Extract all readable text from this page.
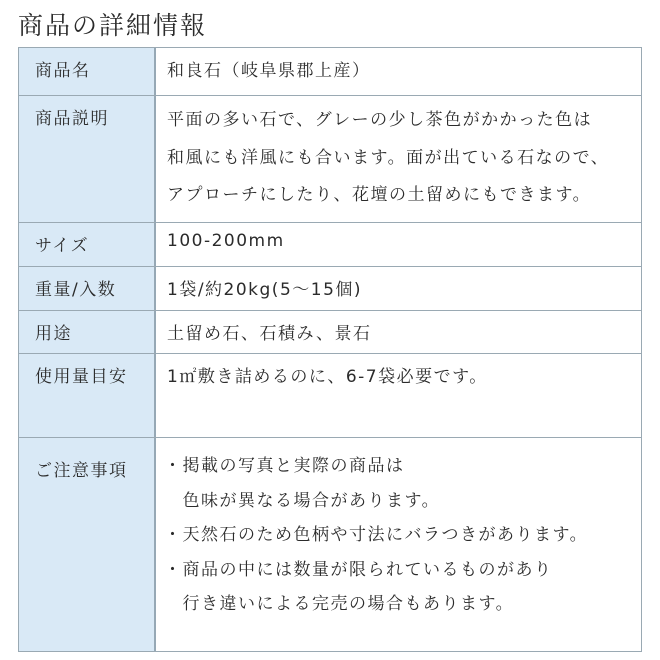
商品の詳細情報
商品名	和良石（岐阜県郡上産）
商品説明	平面の多い石で、グレーの少し茶色がかかった色は
和風にも洋風にも合います。面が出ている石なので、
アプローチにしたり、花壇の土留めにもできます。
サイズ	100-200mm
重量/入数	1袋/約20kg(5～15個)
用途	土留め石、石積み、景石
使用量目安	1㎡敷き詰めるのに、6-7袋必要です。
ご注意事項	・掲載の写真と実際の商品は
　色味が異なる場合があります。
・天然石のため色柄や寸法にバラつきがあります。
・商品の中には数量が限られているものがあり
　行き違いによる完売の場合もあります。
